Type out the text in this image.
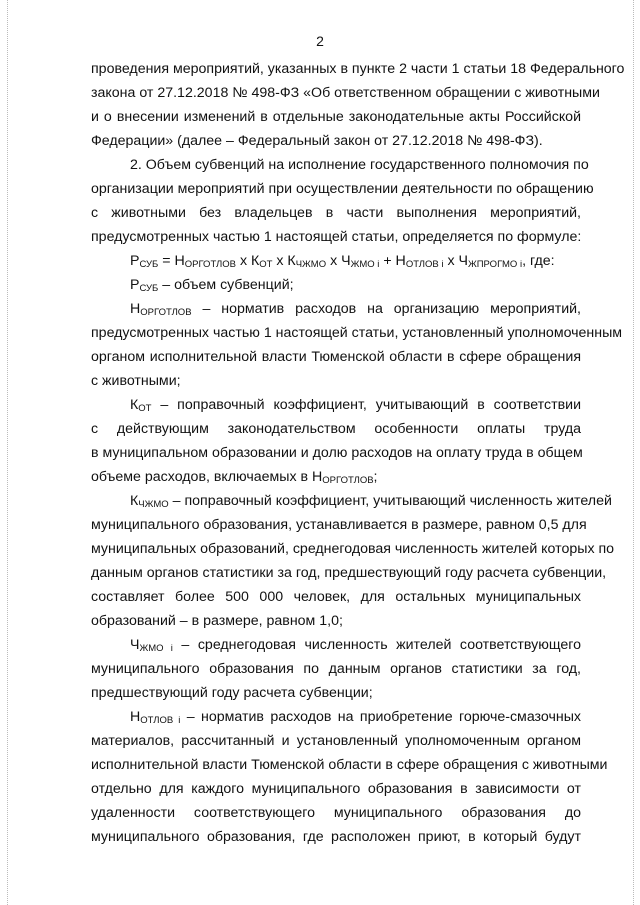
2
проведения мероприятий, указанных в пункте 2 части 1 статьи 18 Федерального
закона от 27.12.2018 № 498-ФЗ «Об ответственном обращении с животными
и о внесении изменений в отдельные законодательные акты Российской
Федерации» (далее – Федеральный закон от 27.12.2018 № 498-ФЗ).
2. Объем субвенций на исполнение государственного полномочия по
организации мероприятий при осуществлении деятельности по обращению
с животными без владельцев в части выполнения мероприятий,
предусмотренных частью 1 настоящей статьи, определяется по формуле:
$Р_{СУБ} = Н_{ОРГОТЛОВ}$ x $К_{ОТ}$ x $К_{ЧЖМО}$ x $Ч_{ЖМО i} + Н_{ОТЛОВ i}$ x $Ч_{ЖПРОГМО i}$, где:
$Р_{СУБ}$ – объем субвенций;
$Н_{ОРГОТЛОВ}$ – норматив расходов на организацию мероприятий,
предусмотренных частью 1 настоящей статьи, установленный уполномоченным
органом исполнительной власти Тюменской области в сфере обращения
с животными;
$К_{ОТ}$ – поправочный коэффициент, учитывающий в соответствии
с действующим законодательством особенности оплаты труда
в муниципальном образовании и долю расходов на оплату труда в общем
объеме расходов, включаемых в $Н_{ОРГОТЛОВ}$;
$К_{ЧЖМО}$ – поправочный коэффициент, учитывающий численность жителей
муниципального образования, устанавливается в размере, равном 0,5 для
муниципальных образований, среднегодовая численность жителей которых по
данным органов статистики за год, предшествующий году расчета субвенции,
составляет более 500 000 человек, для остальных муниципальных
образований – в размере, равном 1,0;
$Ч_{ЖМО i}$ – среднегодовая численность жителей соответствующего
муниципального образования по данным органов статистики за год,
предшествующий году расчета субвенции;
$Н_{ОТЛОВ i}$ – норматив расходов на приобретение горюче-смазочных
материалов, рассчитанный и установленный уполномоченным органом
исполнительной власти Тюменской области в сфере обращения с животными
отдельно для каждого муниципального образования в зависимости от
удаленности соответствующего муниципального образования до
муниципального образования, где расположен приют, в который будут
